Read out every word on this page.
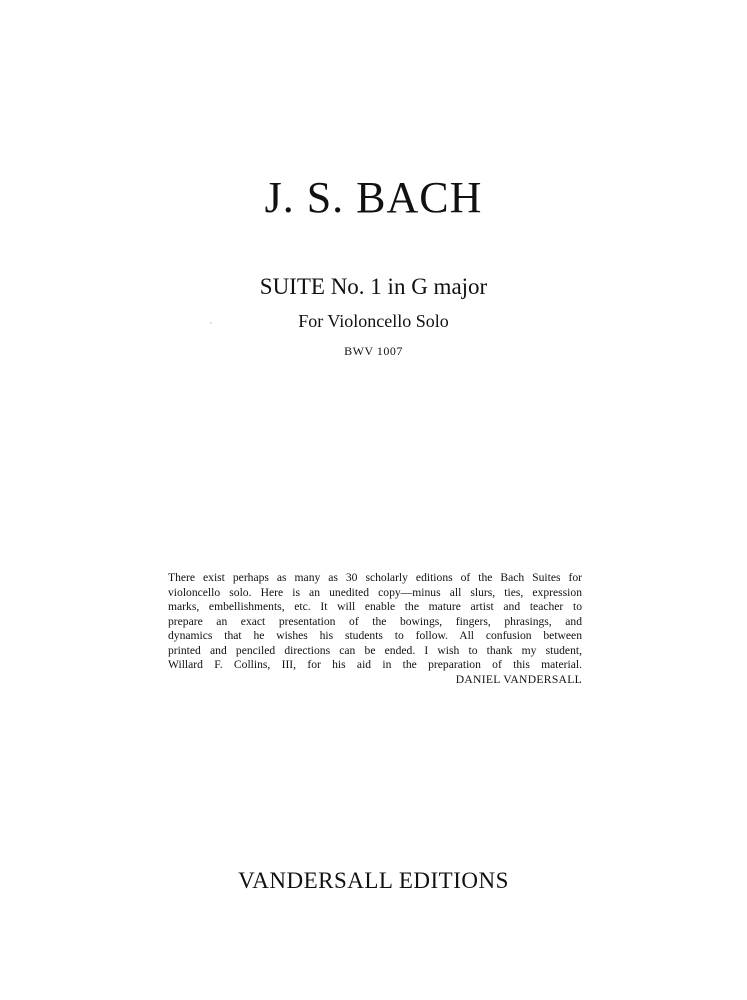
J. S. BACH
SUITE No. 1 in G major
For Violoncello Solo
BWV 1007
There exist perhaps as many as 30 scholarly editions of the Bach Suites for
violoncello solo. Here is an unedited copy—minus all slurs, ties, expression
marks, embellishments, etc. It will enable the mature artist and teacher to
prepare an exact presentation of the bowings, fingers, phrasings, and
dynamics that he wishes his students to follow. All confusion between
printed and penciled directions can be ended. I wish to thank my student,
Willard F. Collins, III, for his aid in the preparation of this material.
DANIEL VANDERSALL
VANDERSALL EDITIONS
